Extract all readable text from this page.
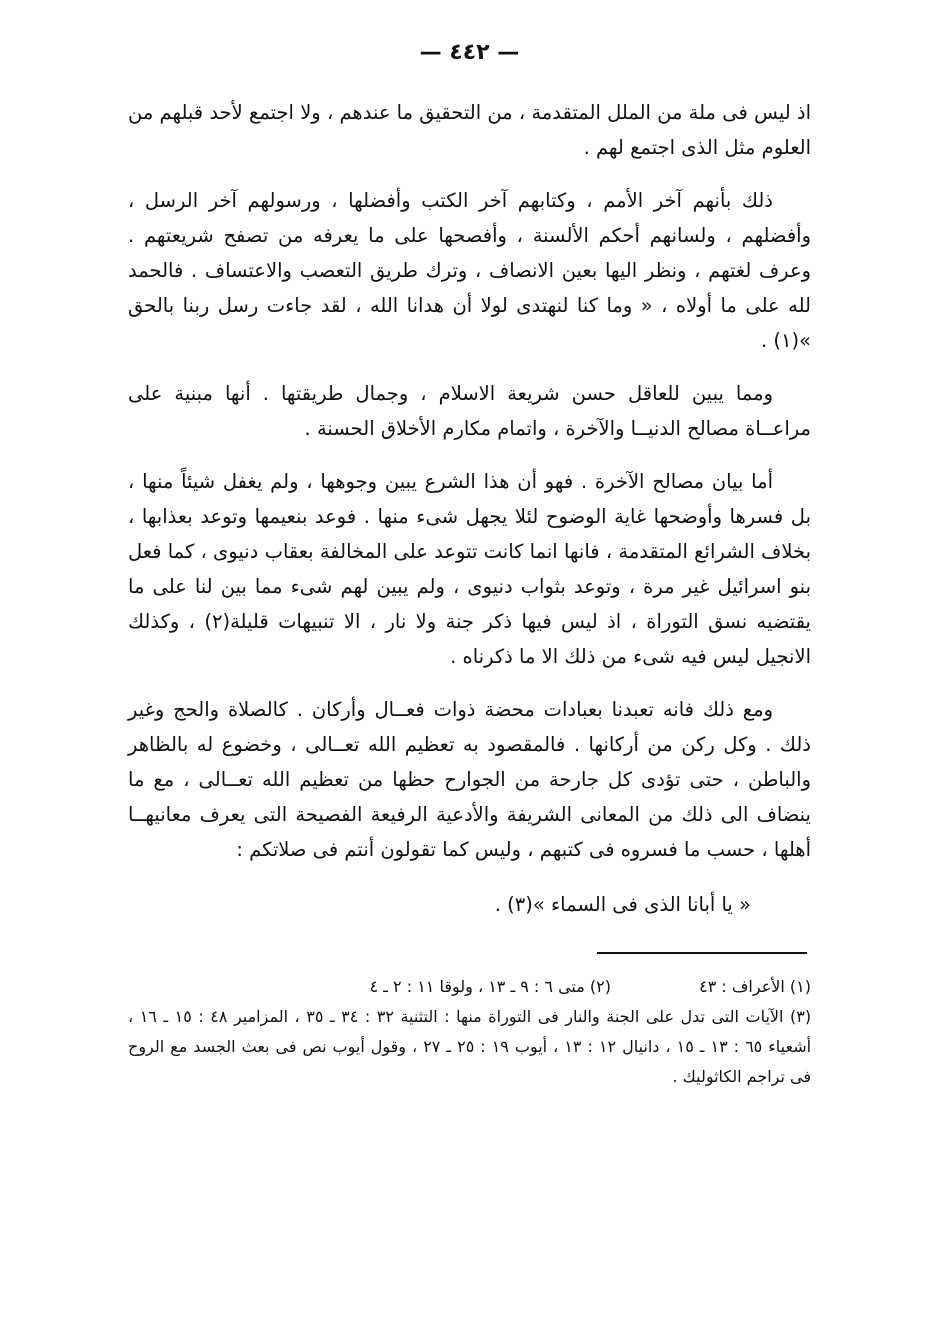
— ٤٤٢ —

اذ ليس فى ملة من الملل المتقدمة ، من التحقيق ما عندهم ، ولا اجتمع لأحد قبلهم من العلوم مثل الذى اجتمع لهم .

ذلك بأنهم آخر الأمم ، وكتابهم آخر الكتب وأفضلها ، ورسولهم آخر الرسل ، وأفضلهم ، ولسانهم أحكم الألسنة ، وأفصحها على ما يعرفه من تصفح شريعتهم . وعرف لغتهم ، ونظر اليها بعين الانصاف ، وترك طريق التعصب والاعتساف . فالحمد لله على ما أولاه ، « وما كنا لنهتدى لولا أن هدانا الله ، لقد جاءت رسل ربنا بالحق »(١) .

ومما يبين للعاقل حسن شريعة الاسلام ، وجمال طريقتها . أنها مبنية على مراعــاة مصالح الدنيــا والآخرة ، واتمام مكارم الأخلاق الحسنة .

أما بيان مصالح الآخرة . فهو أن هذا الشرع يبين وجوهها ، ولم يغفل شيئاً منها ، بل فسرها وأوضحها غاية الوضوح لئلا يجهل شىء منها . فوعد بنعيمها وتوعد بعذابها ، بخلاف الشرائع المتقدمة ، فانها انما كانت تتوعد على المخالفة بعقاب دنيوى ، كما فعل بنو اسرائيل غير مرة ، وتوعد بثواب دنيوى ، ولم يبين لهم شىء مما بين لنا على ما يقتضيه نسق التوراة ، اذ ليس فيها ذكر جنة ولا نار ، الا تنبيهات قليلة(٢) ، وكذلك الانجيل ليس فيه شىء من ذلك الا ما ذكرناه .

ومع ذلك فانه تعبدنا بعبادات محضة ذوات فعــال وأركان . كالصلاة والحج وغير ذلك . وكل ركن من أركانها . فالمقصود به تعظيم الله تعــالى ، وخضوع له بالظاهر والباطن ، حتى تؤدى كل جارحة من الجوارح حظها من تعظيم الله تعــالى ، مع ما ينضاف الى ذلك من المعانى الشريفة والأدعية الرفيعة الفصيحة التى يعرف معانيهــا أهلها ، حسب ما فسروه فى كتبهم ، وليس كما تقولون أنتم فى صلاتكم :

« يا أبانا الذى فى السماء »(٣) .
(١) الأعراف : ٤٣
(٢) متى ٦ : ٩ ـ ١٣ ، ولوقا ١١ : ٢ ـ ٤

(٣) الآيات التى تدل على الجنة والنار فى التوراة منها : التثنية ٣٢ : ٣٤ ـ ٣٥ ، المزامير ٤٨ : ١٥ ـ ١٦ ، أشعياء ٦٥ : ١٣ ـ ١٥ ، دانيال ١٢ : ١٣ ، أيوب ١٩ : ٢٥ ـ ٢٧ ، وقول أيوب نص فى بعث الجسد مع الروح فى تراجم الكاثوليك .
